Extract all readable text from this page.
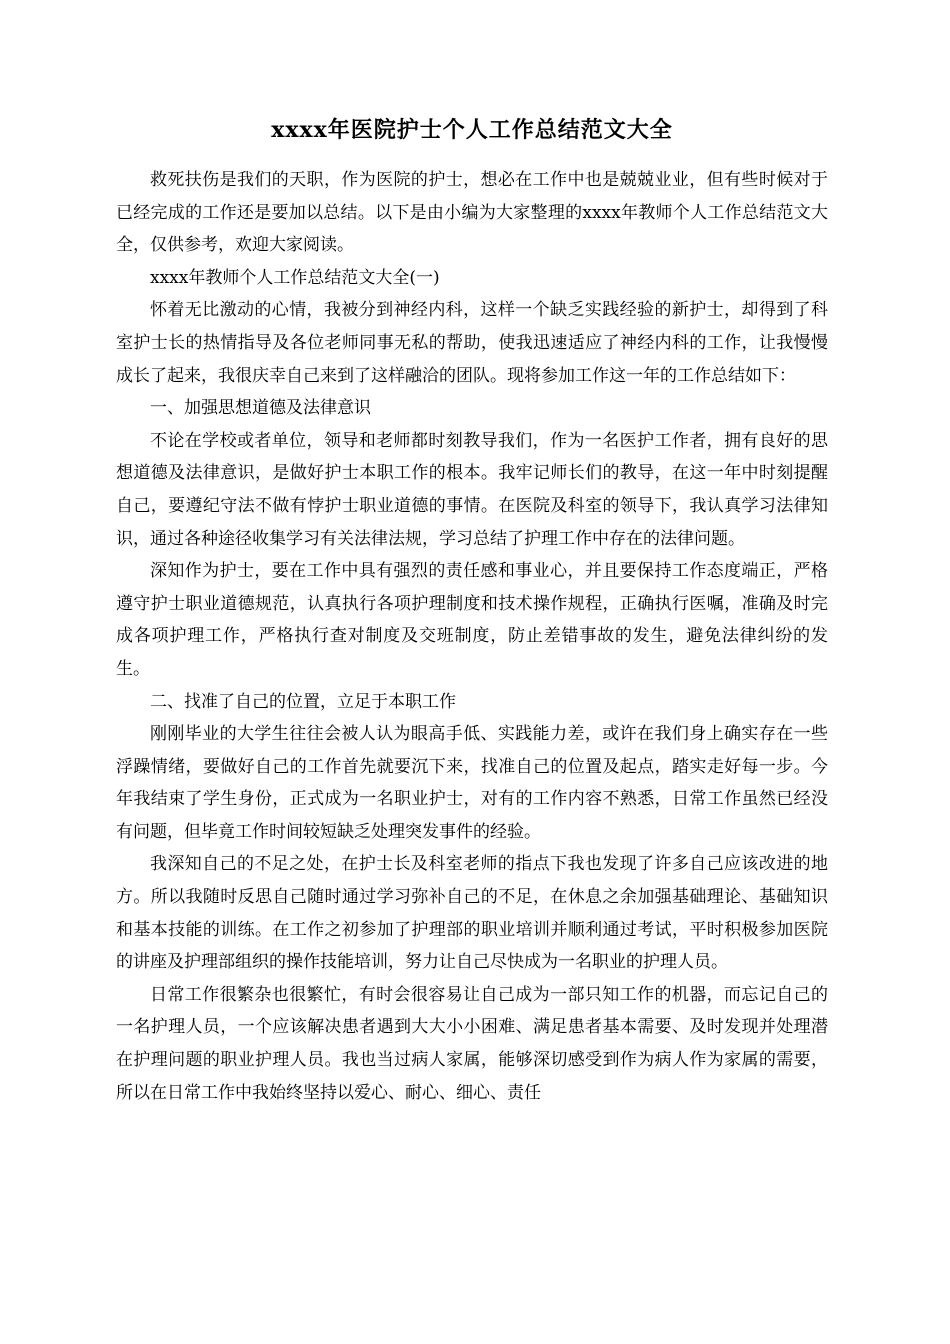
xxxx年医院护士个人工作总结范文大全

救死扶伤是我们的天职，作为医院的护士，想必在工作中也是兢兢业业，但有些时候对于已经完成的工作还是要加以总结。以下是由小编为大家整理的xxxx年教师个人工作总结范文大全，仅供参考，欢迎大家阅读。

xxxx年教师个人工作总结范文大全(一)

怀着无比激动的心情，我被分到神经内科，这样一个缺乏实践经验的新护士，却得到了科室护士长的热情指导及各位老师同事无私的帮助，使我迅速适应了神经内科的工作，让我慢慢成长了起来，我很庆幸自己来到了这样融洽的团队。现将参加工作这一年的工作总结如下：

一、加强思想道德及法律意识

不论在学校或者单位，领导和老师都时刻教导我们，作为一名医护工作者，拥有良好的思想道德及法律意识，是做好护士本职工作的根本。我牢记师长们的教导，在这一年中时刻提醒自己，要遵纪守法不做有悖护士职业道德的事情。在医院及科室的领导下，我认真学习法律知识，通过各种途径收集学习有关法律法规，学习总结了护理工作中存在的法律问题。

深知作为护士，要在工作中具有强烈的责任感和事业心，并且要保持工作态度端正，严格遵守护士职业道德规范，认真执行各项护理制度和技术操作规程，正确执行医嘱，准确及时完成各项护理工作，严格执行查对制度及交班制度，防止差错事故的发生，避免法律纠纷的发生。

二、找准了自己的位置，立足于本职工作

刚刚毕业的大学生往往会被人认为眼高手低、实践能力差，或许在我们身上确实存在一些浮躁情绪，要做好自己的工作首先就要沉下来，找准自己的位置及起点，踏实走好每一步。今年我结束了学生身份，正式成为一名职业护士，对有的工作内容不熟悉，日常工作虽然已经没有问题，但毕竟工作时间较短缺乏处理突发事件的经验。

我深知自己的不足之处，在护士长及科室老师的指点下我也发现了许多自己应该改进的地方。所以我随时反思自己随时通过学习弥补自己的不足，在休息之余加强基础理论、基础知识和基本技能的训练。在工作之初参加了护理部的职业培训并顺利通过考试，平时积极参加医院的讲座及护理部组织的操作技能培训，努力让自己尽快成为一名职业的护理人员。

日常工作很繁杂也很繁忙，有时会很容易让自己成为一部只知工作的机器，而忘记自己的一名护理人员，一个应该解决患者遇到大大小小困难、满足患者基本需要、及时发现并处理潜在护理问题的职业护理人员。我也当过病人家属，能够深切感受到作为病人作为家属的需要，所以在日常工作中我始终坚持以爱心、耐心、细心、责任
